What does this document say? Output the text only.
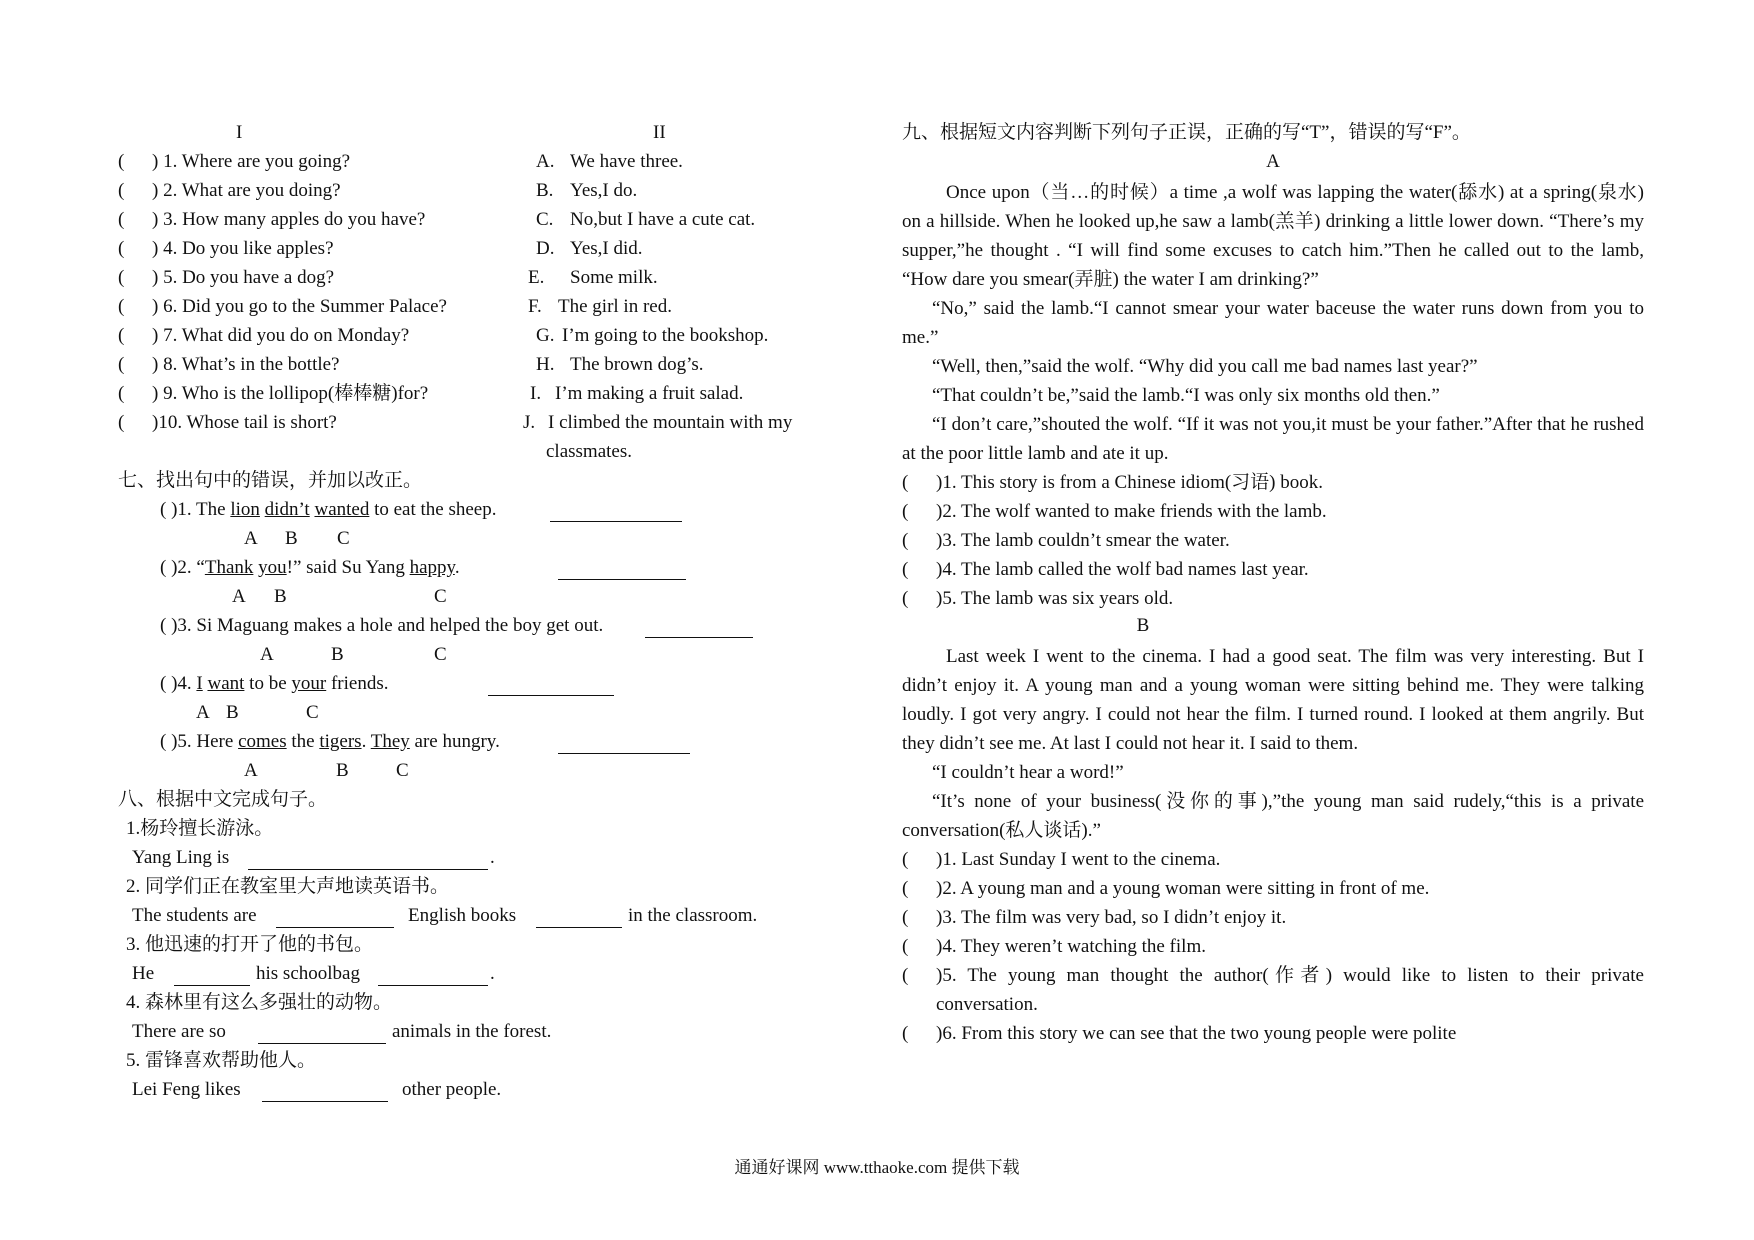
I	II
( ) 1. Where are you going?	A. We have three.
( ) 2. What are you doing?	B. Yes,I do.
( ) 3. How many apples do you have?	C. No,but I have a cute cat.
( ) 4. Do you like apples?	D. Yes,I did.
( ) 5. Do you have a dog?	E. Some milk.
( ) 6. Did you go to the Summer Palace?	F. The girl in red.
( ) 7. What did you do on Monday?	G. I’m going to the bookshop.
( ) 8. What’s in the bottle?	H. The brown dog’s.
( ) 9. Who is the lollipop(棒棒糖)for?	I. I’m making a fruit salad.
( )10. Whose tail is short?	J. I climbed the mountain with my
classmates.
七、找出句中的错误，并加以改正。
( )1. The lion didn’t wanted to eat the sheep.
A B C
( )2. “Thank you!” said Su Yang happy.
A B	C
( )3. Si Maguang makes a hole and helped the boy get out.
A	B	C
( )4. I want to be your friends.
A B	C
( )5. Here comes the tigers. They are hungry.
A	B C
八、根据中文完成句子。
1.杨玲擅长游泳。
Yang Ling is	.
2. 同学们正在教室里大声地读英语书。
The students are	English books	in the classroom.
3. 他迅速的打开了他的书包。
He	his schoolbag	.
4. 森林里有这么多强壮的动物。
There are so	animals in the forest.
5. 雷锋喜欢帮助他人。
Lei Feng likes	other people.
九、根据短文内容判断下列句子正误，正确的写“T”，错误的写“F”。
A

Once upon（当…的时候）a time ,a wolf was lapping the water(舔水) at a spring(泉水) on a hillside. When he looked up,he saw a lamb(羔羊) drinking a little lower down. “There’s my supper,”he thought . “I will find some excuses to catch him.”Then he called out to the lamb, “How dare you smear(弄脏) the water I am drinking?”

“No,” said the lamb.“I cannot smear your water baceuse the water runs down from you to me.”

“Well, then,”said the wolf. “Why did you call me bad names last year?”

“That couldn’t be,”said the lamb.“I was only six months old then.”

“I don’t care,”shouted the wolf. “If it was not you,it must be your father.”After that he rushed at the poor little lamb and ate it up.

(	)1. This story is from a Chinese idiom(习语) book.
(	)2. The wolf wanted to make friends with the lamb.
(	)3. The lamb couldn’t smear the water.
(	)4. The lamb called the wolf bad names last year.
(	)5. The lamb was six years old.
B

Last week I went to the cinema. I had a good seat. The film was very interesting. But I didn’t enjoy it. A young man and a young woman were sitting behind me. They were talking loudly. I got very angry. I could not hear the film. I turned round. I looked at them angrily. But they didn’t see me. At last I could not hear it. I said to them.

“I couldn’t hear a word!”

“It’s none of your business(没你的事),”the young man said rudely,“this is a private conversation(私人谈话).”

(	)1. Last Sunday I went to the cinema.
(	)2. A young man and a young woman were sitting in front of me.
(	)3. The film was very bad, so I didn’t enjoy it.
(	)4. They weren’t watching the film.
(	)5. The young man thought the author(作者) would like to listen to their private conversation.
(	)6. From this story we can see that the two young people were polite
通通好课网 www.tthaoke.com 提供下载
